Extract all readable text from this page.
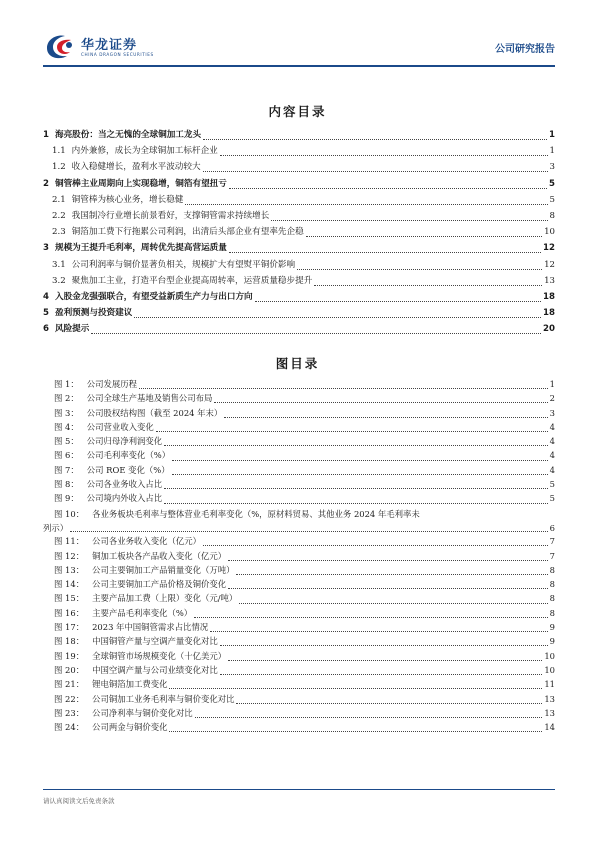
华龙证券
CHINA DRAGON SECURITIES	公司研究报告
内容目录
1 海亮股份：当之无愧的全球铜加工龙头	1
1.1 内外兼修，成长为全球铜加工标杆企业	1
1.2 收入稳健增长，盈利水平波动较大	3
2 铜管棒主业周期向上实现稳增，铜箔有望扭亏	5
2.1 铜管棒为核心业务，增长稳健	5
2.2 我国制冷行业增长前景看好，支撑铜管需求持续增长	8
2.3 铜箔加工费下行拖累公司利润，出清后头部企业有望率先企稳	10
3 规模为王提升毛利率，周转优先提高营运质量	12
3.1 公司利润率与铜价显著负相关，规模扩大有望熨平铜价影响	12
3.2 聚焦加工主业，打造平台型企业提高周转率，运营质量稳步提升	13
4 入股金龙强强联合，有望受益新质生产力与出口方向	18
5 盈利预测与投资建议	18
6 风险提示	20
图目录
图 1： 公司发展历程	1
图 2： 公司全球生产基地及销售公司布局	2
图 3： 公司股权结构图（截至 2024 年末）	3
图 4： 公司营业收入变化	4
图 5： 公司归母净利润变化	4
图 6： 公司毛利率变化（%）	4
图 7： 公司 ROE 变化（%）	4
图 8： 公司各业务收入占比	5
图 9： 公司境内外收入占比	5
图 10： 各业务板块毛利率与整体营业毛利率变化（%，原材料贸易、其他业务 2024 年毛利率未
列示）	6
图 11： 公司各业务收入变化（亿元）	7
图 12： 铜加工板块各产品收入变化（亿元）	7
图 13： 公司主要铜加工产品销量变化（万吨）	8
图 14： 公司主要铜加工产品价格及铜价变化	8
图 15： 主要产品加工费（上限）变化（元/吨）	8
图 16： 主要产品毛利率变化（%）	8
图 17： 2023 年中国铜管需求占比情况	9
图 18： 中国铜管产量与空调产量变化对比	9
图 19： 全球铜管市场规模变化（十亿美元）	10
图 20： 中国空调产量与公司业绩变化对比	10
图 21： 锂电铜箔加工费变化	11
图 22： 公司铜加工业务毛利率与铜价变化对比	13
图 23： 公司净利率与铜价变化对比	13
图 24： 公司两金与铜价变化	14
请认真阅读文后免责条款
